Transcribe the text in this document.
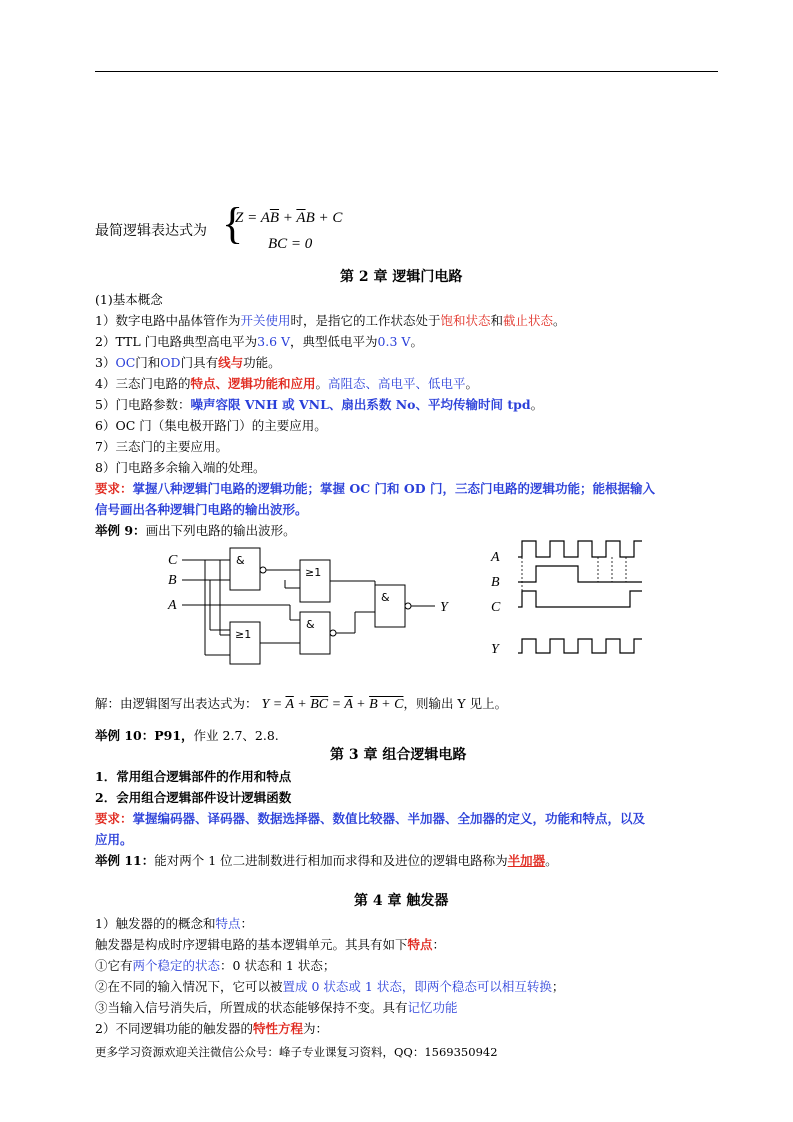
最简逻辑表达式为 {
$Z = A\overline{B} + \overline{A}B + C$
BC = 0
第 2 章 逻辑门电路
(1)基本概念
1）数字电路中晶体管作为开关使用时，是指它的工作状态处于饱和状态和截止状态。
2）TTL 门电路典型高电平为3.6 V，典型低电平为0.3 V。
3）OC门和OD门具有线与功能。
4）三态门电路的特点、逻辑功能和应用。高阻态、高电平、低电平。
5）门电路参数：噪声容限 VNH 或 VNL、扇出系数 No、平均传输时间 tpd。
6）OC 门（集电极开路门）的主要应用。
7）三态门的主要应用。
8）门电路多余输入端的处理。
要求：掌握八种逻辑门电路的逻辑功能；掌握 OC 门和 OD 门，三态门电路的逻辑功能；能根据输入
信号画出各种逻辑门电路的输出波形。
举例 9：画出下列电路的输出波形。
C
B
A	Y
&
≥1
≥1
&
&
A
B
C
Y
解：由逻辑图写出表达式为： $Y = \overline{A} + \overline{BC} = \overline{A} + B + C$，则输出 Y 见上。
举例 10：P91，作业 2.7、2.8.
第 3 章 组合逻辑电路
1．常用组合逻辑部件的作用和特点
2．会用组合逻辑部件设计逻辑函数
要求：掌握编码器、译码器、数据选择器、数值比较器、半加器、全加器的定义，功能和特点，以及
应用。
举例 11：能对两个 1 位二进制数进行相加而求得和及进位的逻辑电路称为半加器。
第 4 章 触发器
1）触发器的的概念和特点：
触发器是构成时序逻辑电路的基本逻辑单元。其具有如下特点：
①它有两个稳定的状态：0 状态和 1 状态；
②在不同的输入情况下，它可以被置成 0 状态或 1 状态，即两个稳态可以相互转换；
③当输入信号消失后，所置成的状态能够保持不变。具有记忆功能
2）不同逻辑功能的触发器的特性方程为：
更多学习资源欢迎关注微信公众号：峰子专业课复习资料，QQ：1569350942
